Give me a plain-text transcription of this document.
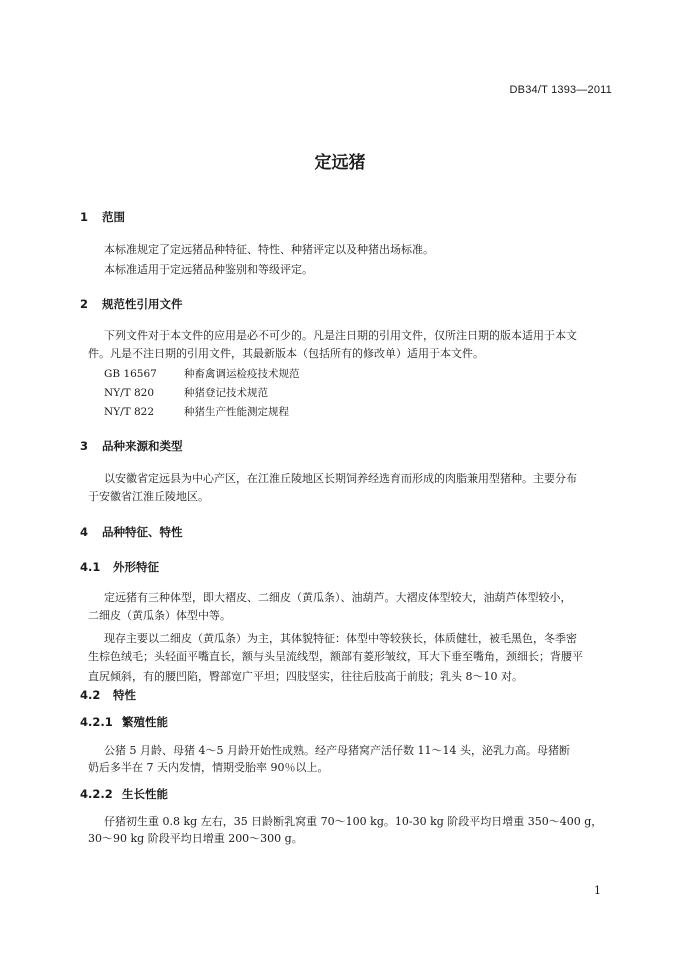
DB34/T 1393—2011
定远猪
1 范围
本标准规定了定远猪品种特征、特性、种猪评定以及种猪出场标准。
本标准适用于定远猪品种鉴别和等级评定。
2 规范性引用文件
下列文件对于本文件的应用是必不可少的。凡是注日期的引用文件，仅所注日期的版本适用于本文
件。凡是不注日期的引用文件，其最新版本（包括所有的修改单）适用于本文件。
GB 16567	种畜禽调运检疫技术规范
NY/T 820	种猪登记技术规范
NY/T 822	种猪生产性能测定规程
3 品种来源和类型
以安徽省定远县为中心产区，在江淮丘陵地区长期饲养经选育而形成的肉脂兼用型猪种。主要分布
于安徽省江淮丘陵地区。
4 品种特征、特性
4.1 外形特征
定远猪有三种体型，即大褶皮、二细皮（黄瓜条）、油葫芦。大褶皮体型较大，油葫芦体型较小，
二细皮（黄瓜条）体型中等。
现存主要以二细皮（黄瓜条）为主，其体貌特征：体型中等较狭长，体质健壮，被毛黑色，冬季密
生棕色绒毛；头轻面平嘴直长，额与头呈流线型，额部有菱形皱纹，耳大下垂至嘴角，颈细长；背腰平
直尻倾斜，有的腰凹陷，臀部宽广平坦；四肢坚实，往往后肢高于前肢；乳头 8～10 对。
4.2 特性
4.2.1 繁殖性能
公猪 5 月龄、母猪 4～5 月龄开始性成熟。经产母猪窝产活仔数 11～14 头，泌乳力高。母猪断
奶后多半在 7 天内发情，情期受胎率 90％以上。
4.2.2 生长性能
仔猪初生重 0.8 kg 左右，35 日龄断乳窝重 70～100 kg。10-30 kg 阶段平均日增重 350～400 g，
30～90 kg 阶段平均日增重 200～300 g。
1
